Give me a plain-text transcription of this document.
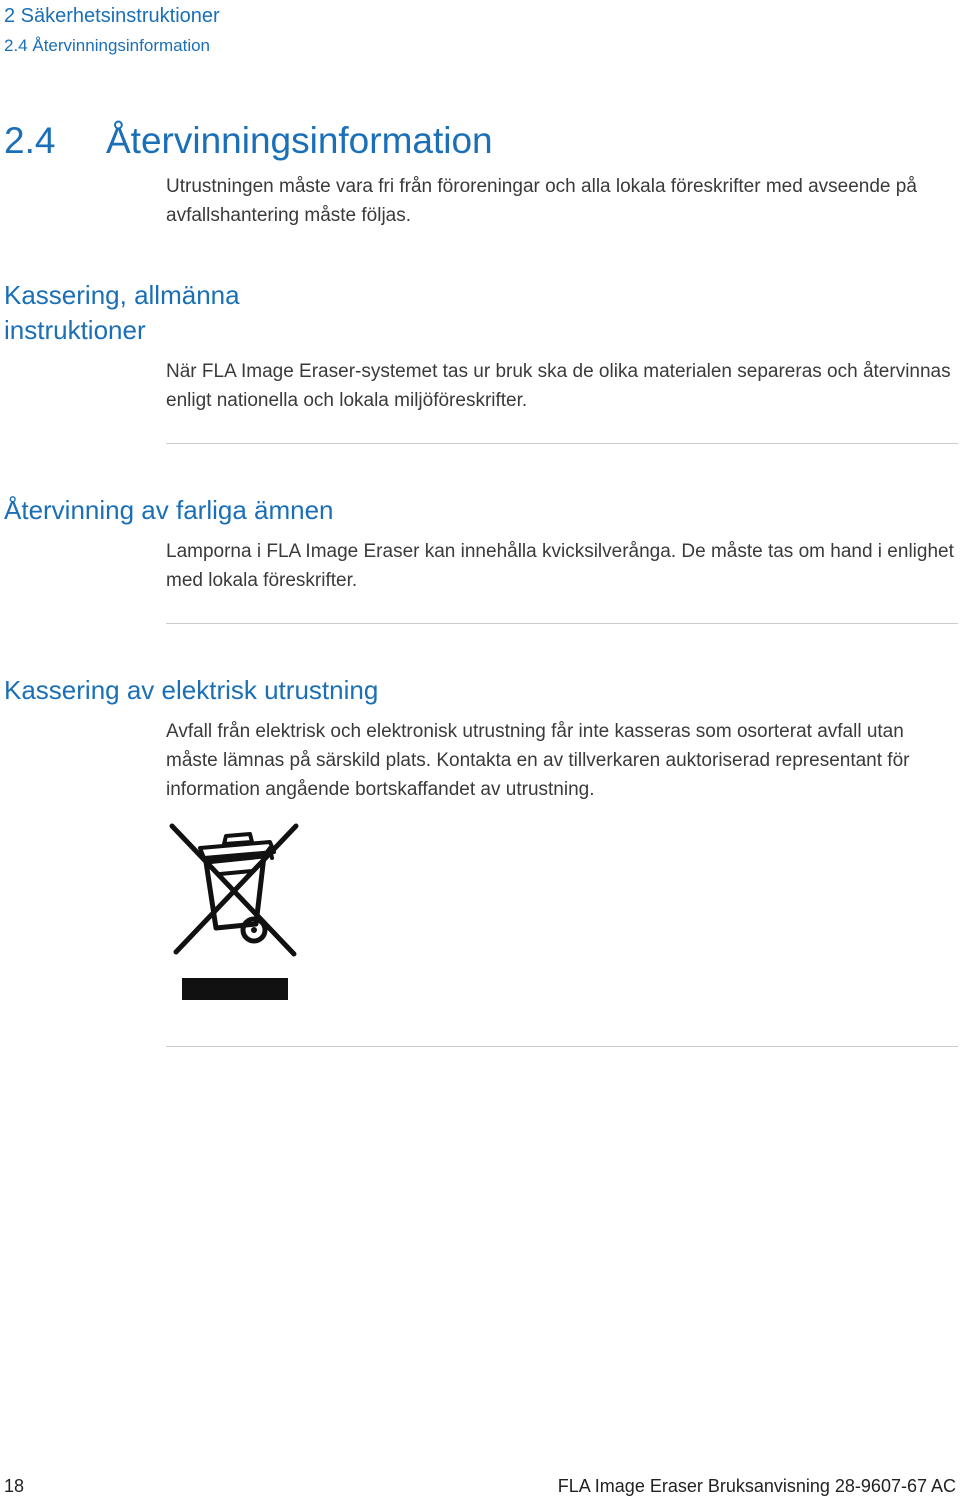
2 Säkerhetsinstruktioner
2.4 Återvinningsinformation
2.4 Återvinningsinformation
Utrustningen måste vara fri från föroreningar och alla lokala föreskrifter med avseende på avfallshantering måste följas.
Kassering, allmänna instruktioner
När FLA Image Eraser-systemet tas ur bruk ska de olika materialen separeras och återvinnas enligt nationella och lokala miljöföreskrifter.
Återvinning av farliga ämnen
Lamporna i FLA Image Eraser kan innehålla kvicksilverånga. De måste tas om hand i enlighet med lokala föreskrifter.
Kassering av elektrisk utrustning
Avfall från elektrisk och elektronisk utrustning får inte kasseras som osorterat avfall utan måste lämnas på särskild plats. Kontakta en av tillverkaren auktoriserad representant för information angående bortskaffandet av utrustning.
18	FLA Image Eraser Bruksanvisning 28-9607-67 AC
